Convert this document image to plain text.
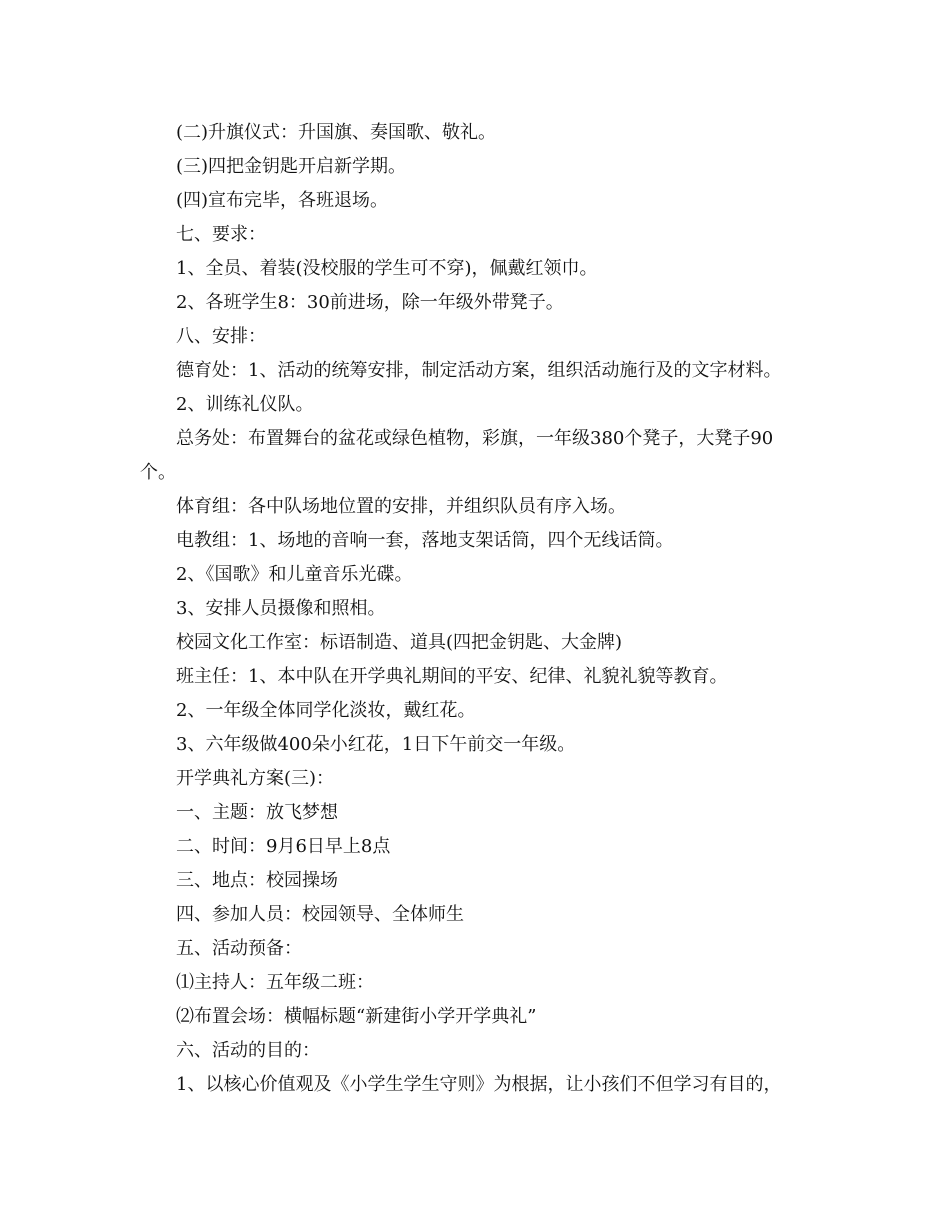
(二)升旗仪式：升国旗、奏国歌、敬礼。
(三)四把金钥匙开启新学期。
(四)宣布完毕，各班退场。
七、要求：
1、全员、着装(没校服的学生可不穿)，佩戴红领巾。
2、各班学生8：30前进场，除一年级外带凳子。
八、安排：
德育处：1、活动的统筹安排，制定活动方案，组织活动施行及的文字材料。
2、训练礼仪队。
总务处：布置舞台的盆花或绿色植物，彩旗，一年级380个凳子，大凳子90
个。
体育组：各中队场地位置的安排，并组织队员有序入场。
电教组：1、场地的音响一套，落地支架话筒，四个无线话筒。
2、《国歌》和儿童音乐光碟。
3、安排人员摄像和照相。
校园文化工作室：标语制造、道具(四把金钥匙、大金牌)
班主任：1、本中队在开学典礼期间的平安、纪律、礼貌礼貌等教育。
2、一年级全体同学化淡妆，戴红花。
3、六年级做400朵小红花，1日下午前交一年级。
开学典礼方案(三)：
一、主题：放飞梦想
二、时间：9月6日早上8点
三、地点：校园操场
四、参加人员：校园领导、全体师生
五、活动预备：
⑴主持人：五年级二班：
⑵布置会场：横幅标题“新建街小学开学典礼”
六、活动的目的：
1、以核心价值观及《小学生学生守则》为根据，让小孩们不但学习有目的，
